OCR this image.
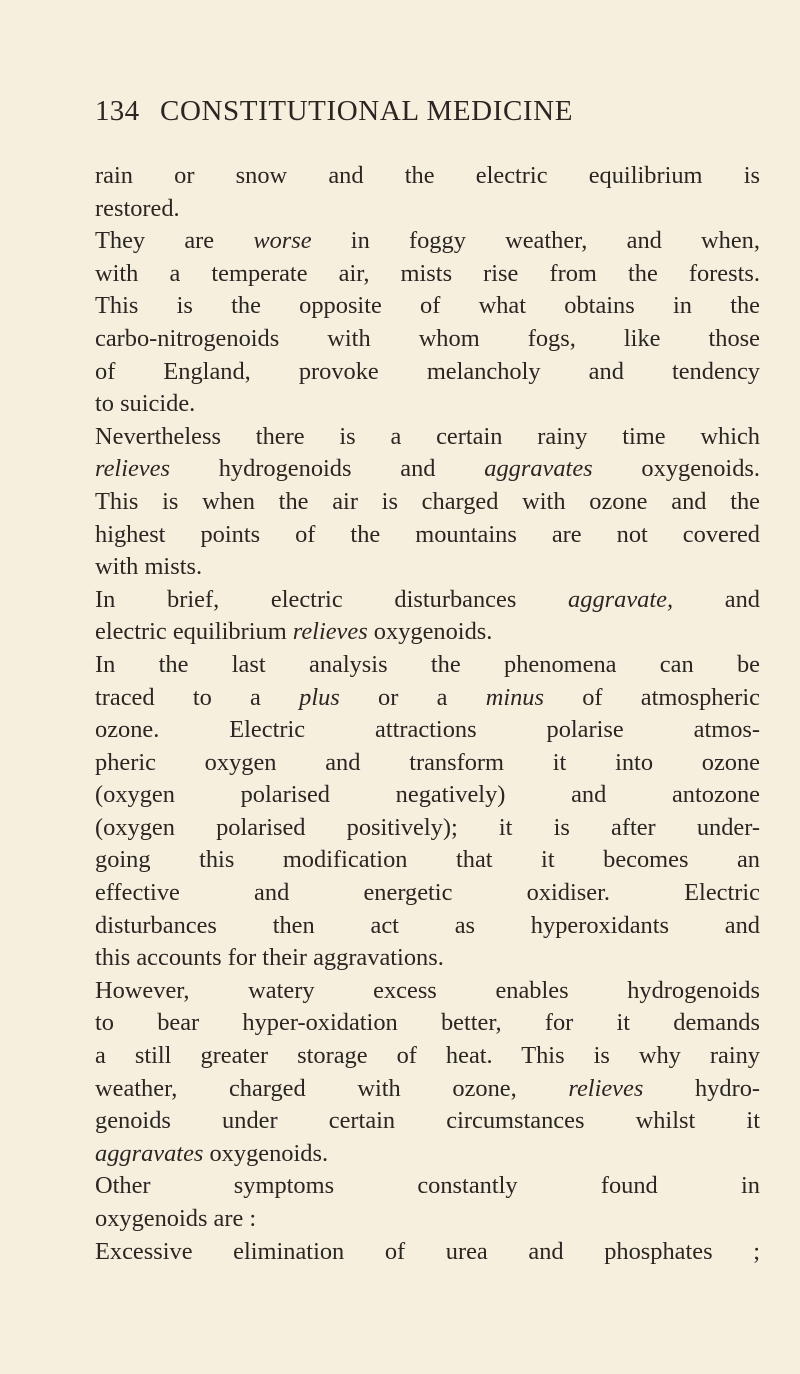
134 CONSTITUTIONAL MEDICINE
rain or snow and the electric equilibrium is
restored.
They are worse in foggy weather, and when,
with a temperate air, mists rise from the forests.
This is the opposite of what obtains in the
carbo-nitrogenoids with whom fogs, like those
of England, provoke melancholy and tendency
to suicide.
Nevertheless there is a certain rainy time which
relieves hydrogenoids and aggravates oxygenoids.
This is when the air is charged with ozone and the
highest points of the mountains are not covered
with mists.
In brief, electric disturbances aggravate, and
electric equilibrium relieves oxygenoids.
In the last analysis the phenomena can be
traced to a plus or a minus of atmospheric
ozone. Electric attractions polarise atmos-
pheric oxygen and transform it into ozone
(oxygen polarised negatively) and antozone
(oxygen polarised positively); it is after under-
going this modification that it becomes an
effective and energetic oxidiser. Electric
disturbances then act as hyperoxidants and
this accounts for their aggravations.
However, watery excess enables hydrogenoids
to bear hyper-oxidation better, for it demands
a still greater storage of heat. This is why rainy
weather, charged with ozone, relieves hydro-
genoids under certain circumstances whilst it
aggravates oxygenoids.
Other symptoms constantly found in
oxygenoids are :
Excessive elimination of urea and phosphates ;
